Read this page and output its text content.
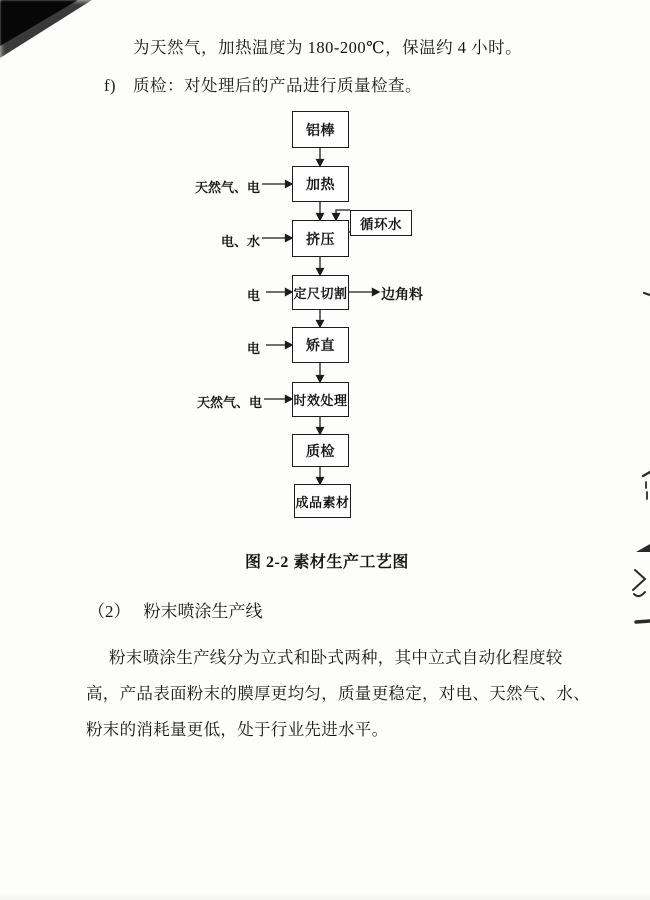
为天然气，加热温度为 180-200℃，保温约 4 小时。
f)	质检：对处理后的产品进行质量检查。
铝棒
加热
挤压
定尺切割
矫直
时效处理
质检
成品素材
循环水
天然气、电
电、水
电
电
天然气、电
边角料
图 2-2 素材生产工艺图
（2） 粉末喷涂生产线
粉末喷涂生产线分为立式和卧式两种，其中立式自动化程度较
高，产品表面粉末的膜厚更均匀，质量更稳定，对电、天然气、水、
粉末的消耗量更低，处于行业先进水平。
